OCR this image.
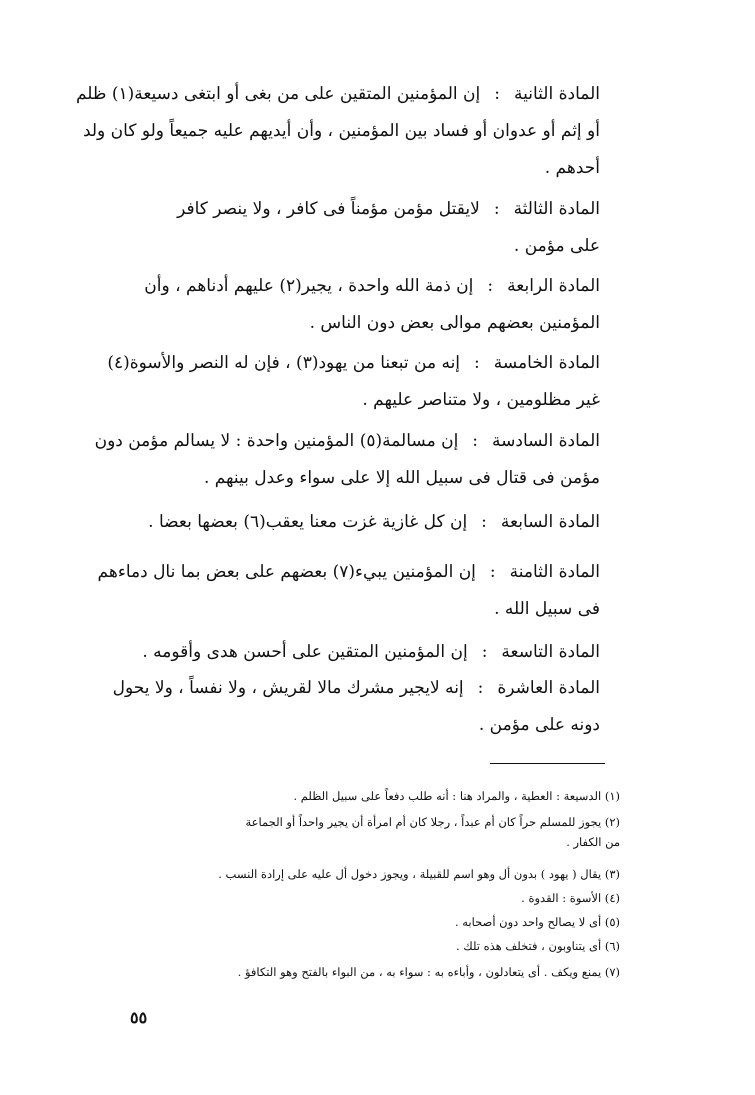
المادة الثانية:إن المؤمنين المتقين على من بغى أو ابتغى دسيعة(١) ظلم

أو إثم أو عدوان أو فساد بين المؤمنين ، وأن أيديهم عليه جميعاً ولو كان ولد

أحدهم .

المادة الثالثة:لايقتل مؤمن مؤمناً فى كافر ، ولا ينصر كافر

على مؤمن .

المادة الرابعة:إن ذمة الله واحدة ، يجير(٢) عليهم أدناهم ، وأن

المؤمنين بعضهم موالى بعض دون الناس .

المادة الخامسة:إنه من تبعنا من يهود(٣) ، فإن له النصر والأسوة(٤)

غير مظلومين ، ولا متناصر عليهم .

المادة السادسة:إن مسالمة(٥) المؤمنين واحدة : لا يسالم مؤمن دون

مؤمن فى قتال فى سبيل الله إلا على سواء وعدل بينهم .

المادة السابعة:إن كل غازية غزت معنا يعقب(٦) بعضها بعضا .

المادة الثامنة:إن المؤمنين يبيء(٧) بعضهم على بعض بما نال دماءهم

فى سبيل الله .

المادة التاسعة:إن المؤمنين المتقين على أحسن هدى وأقومه .

المادة العاشرة:إنه لايجير مشرك مالا لقريش ، ولا نفساً ، ولا يحول

دونه على مؤمن .

(١) الدسيعة : العطية ، والمراد هنا : أنه طلب دفعاً على سبيل الظلم .

(٢) يجوز للمسلم حراً كان أم عبداً ، رجلا كان أم امرأة أن يجير واحداً أو الجماعة

من الكفار .

(٣) يقال ( يهود ) بدون أل وهو اسم للقبيلة ، ويجوز دخول أل عليه على إرادة النسب .

(٤) الأسوة : القدوة .

(٥) أى لا يصالح واحد دون أصحابه .

(٦) أى يتناوبون ، فتخلف هذه تلك .

(٧) يمنع ويكف . أى يتعادلون ، وأباءه به : سواء به ، من البواء بالفتح وهو التكافؤ .

٥٥
